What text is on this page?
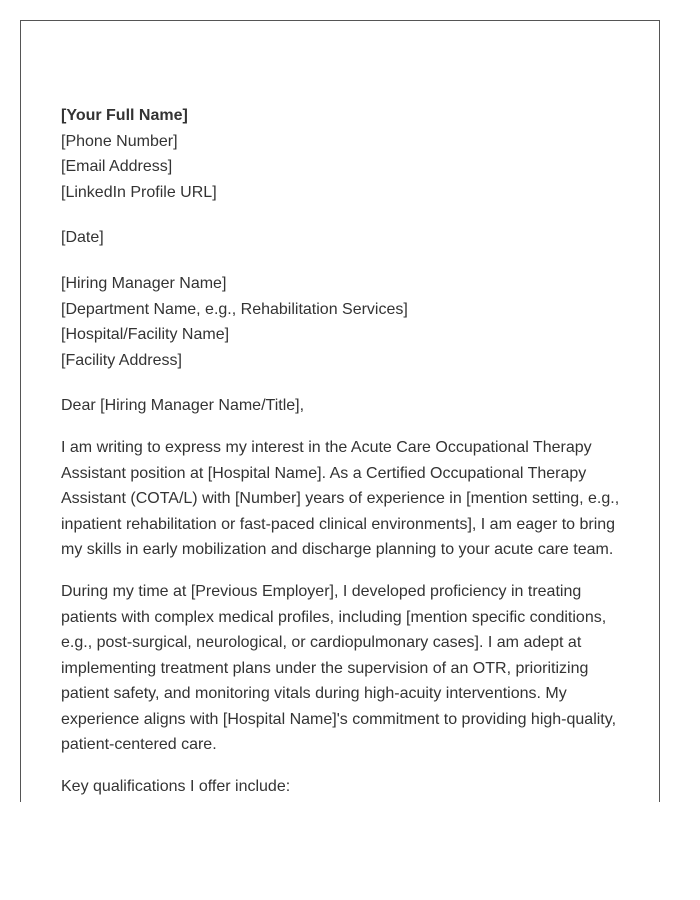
[Your Full Name]
[Phone Number]
[Email Address]
[LinkedIn Profile URL]
[Date]
[Hiring Manager Name]
[Department Name, e.g., Rehabilitation Services]
[Hospital/Facility Name]
[Facility Address]
Dear [Hiring Manager Name/Title],

I am writing to express my interest in the Acute Care Occupational Therapy Assistant position at [Hospital Name]. As a Certified Occupational Therapy Assistant (COTA/L) with [Number] years of experience in [mention setting, e.g., inpatient rehabilitation or fast-paced clinical environments], I am eager to bring my skills in early mobilization and discharge planning to your acute care team.

During my time at [Previous Employer], I developed proficiency in treating patients with complex medical profiles, including [mention specific conditions, e.g., post-surgical, neurological, or cardiopulmonary cases]. I am adept at implementing treatment plans under the supervision of an OTR, prioritizing patient safety, and monitoring vitals during high-acuity interventions. My experience aligns with [Hospital Name]'s commitment to providing high-quality, patient-centered care.

Key qualifications I offer include:
